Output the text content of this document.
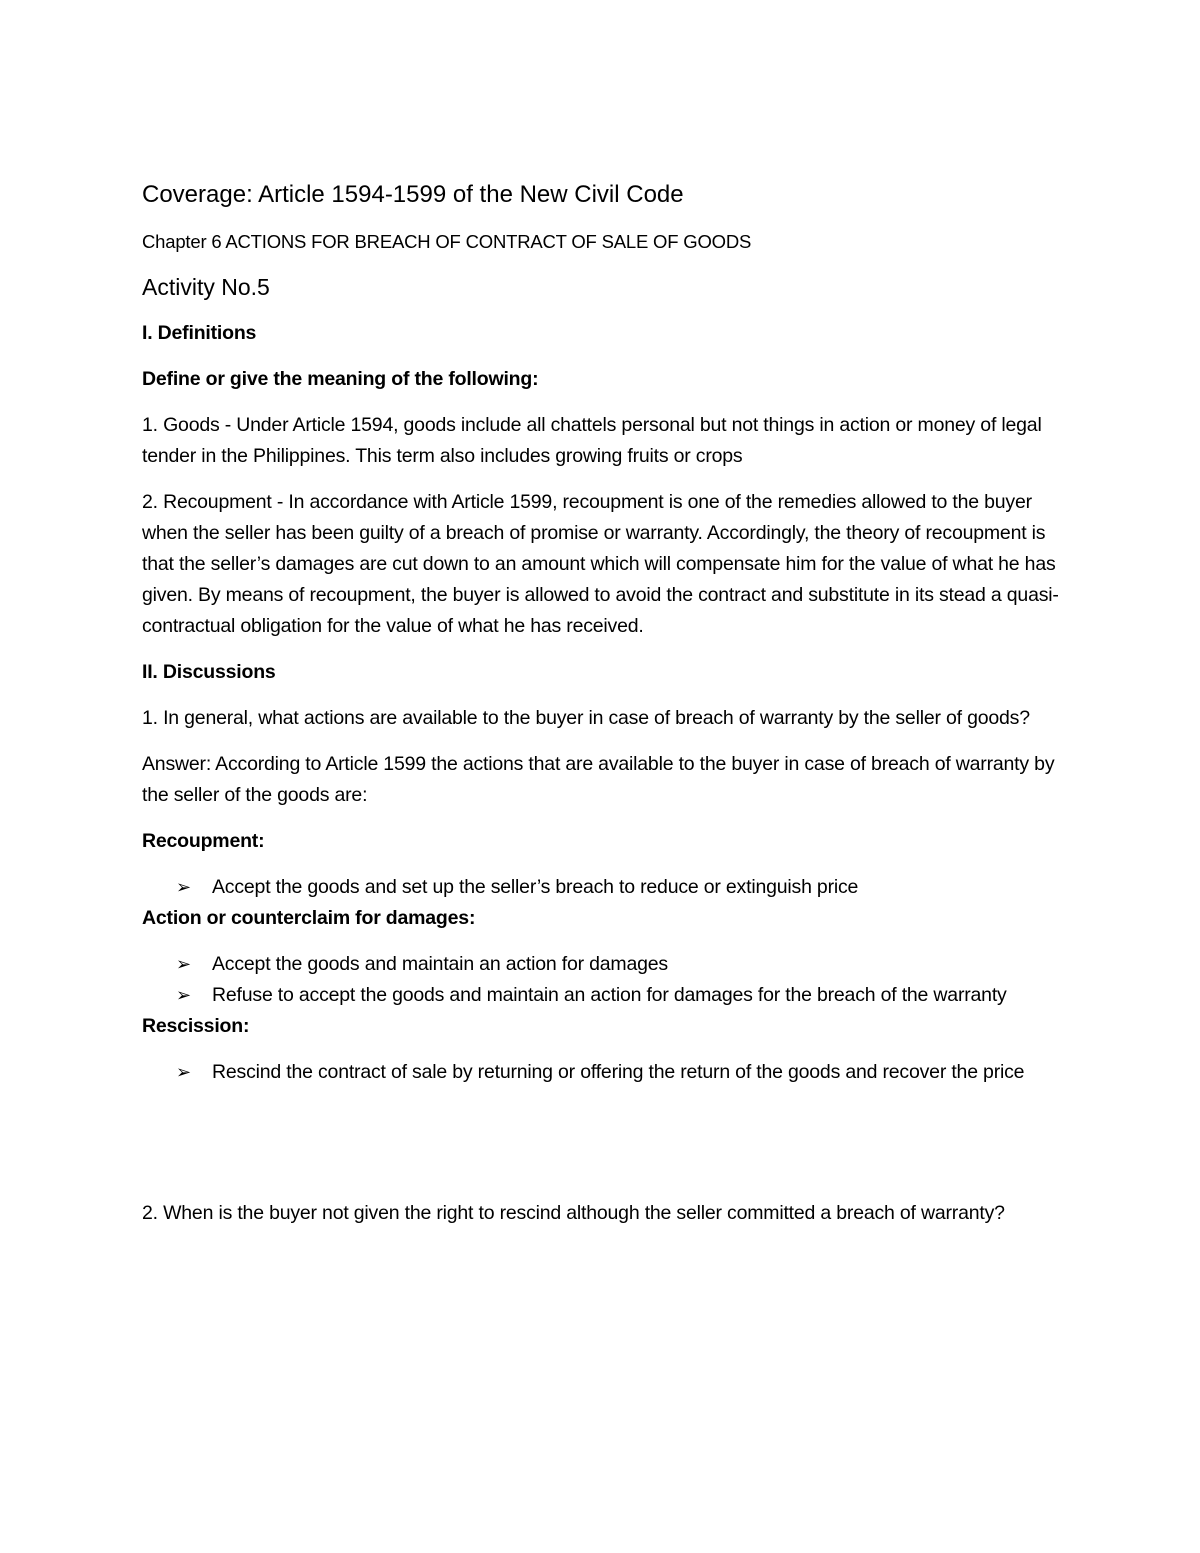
Coverage: Article 1594-1599 of the New Civil Code

Chapter 6 ACTIONS FOR BREACH OF CONTRACT OF SALE OF GOODS

Activity No.5

I. Definitions

Define or give the meaning of the following:

1. Goods - Under Article 1594, goods include all chattels personal but not things in action or money of legal tender in the Philippines. This term also includes growing fruits or crops

2. Recoupment - In accordance with Article 1599, recoupment is one of the remedies allowed to the buyer when the seller has been guilty of a breach of promise or warranty. Accordingly, the theory of recoupment is that the seller’s damages are cut down to an amount which will compensate him for the value of what he has given. By means of recoupment, the buyer is allowed to avoid the contract and substitute in its stead a quasi-contractual obligation for the value of what he has received.

II. Discussions

1. In general, what actions are available to the buyer in case of breach of warranty by the seller of goods?

Answer: According to Article 1599 the actions that are available to the buyer in case of breach of warranty by the seller of the goods are:

Recoupment:

➢	Accept the goods and set up the seller’s breach to reduce or extinguish price

Action or counterclaim for damages:

➢	Accept the goods and maintain an action for damages
➢	Refuse to accept the goods and maintain an action for damages for the breach of the warranty

Rescission:

➢	Rescind the contract of sale by returning or offering the return of the goods and recover the price

2. When is the buyer not given the right to rescind although the seller committed a breach of warranty?
